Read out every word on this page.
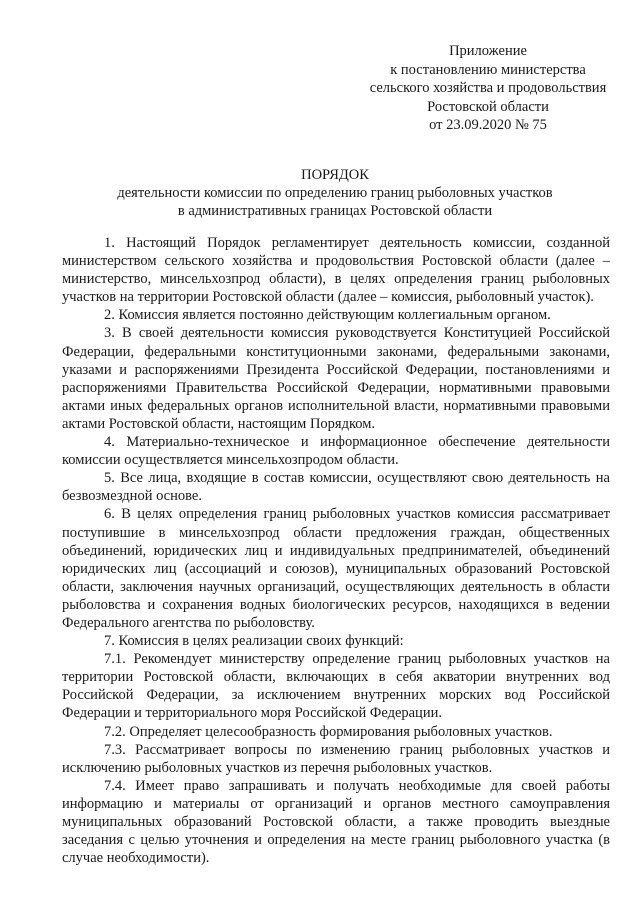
Приложение
к постановлению министерства
сельского хозяйства и продовольствия
Ростовской области
от 23.09.2020 № 75
ПОРЯДОК
деятельности комиссии по определению границ рыболовных участков
в административных границах Ростовской области

1. Настоящий Порядок регламентирует деятельность комиссии, созданной министерством сельского хозяйства и продовольствия Ростовской области (далее – министерство, минсельхозпрод области), в целях определения границ рыболовных участков на территории Ростовской области (далее – комиссия, рыболовный участок).

2. Комиссия является постоянно действующим коллегиальным органом.

3. В своей деятельности комиссия руководствуется Конституцией Российской Федерации, федеральными конституционными законами, федеральными законами, указами и распоряжениями Президента Российской Федерации, постановлениями и распоряжениями Правительства Российской Федерации, нормативными правовыми актами иных федеральных органов исполнительной власти, нормативными правовыми актами Ростовской области, настоящим Порядком.

4. Материально-техническое и информационное обеспечение деятельности комиссии осуществляется минсельхозпродом области.

5. Все лица, входящие в состав комиссии, осуществляют свою деятельность на безвозмездной основе.

6. В целях определения границ рыболовных участков комиссия рассматривает поступившие в минсельхозпрод области предложения граждан, общественных объединений, юридических лиц и индивидуальных предпринимателей, объединений юридических лиц (ассоциаций и союзов), муниципальных образований Ростовской области, заключения научных организаций, осуществляющих деятельность в области рыболовства и сохранения водных биологических ресурсов, находящихся в ведении Федерального агентства по рыболовству.

7. Комиссия в целях реализации своих функций:

7.1. Рекомендует министерству определение границ рыболовных участков на территории Ростовской области, включающих в себя акватории внутренних вод Российской Федерации, за исключением внутренних морских вод Российской Федерации и территориального моря Российской Федерации.

7.2. Определяет целесообразность формирования рыболовных участков.

7.3. Рассматривает вопросы по изменению границ рыболовных участков и исключению рыболовных участков из перечня рыболовных участков.

7.4. Имеет право запрашивать и получать необходимые для своей работы информацию и материалы от организаций и органов местного самоуправления муниципальных образований Ростовской области, а также проводить выездные заседания с целью уточнения и определения на месте границ рыболовного участка (в случае необходимости).
